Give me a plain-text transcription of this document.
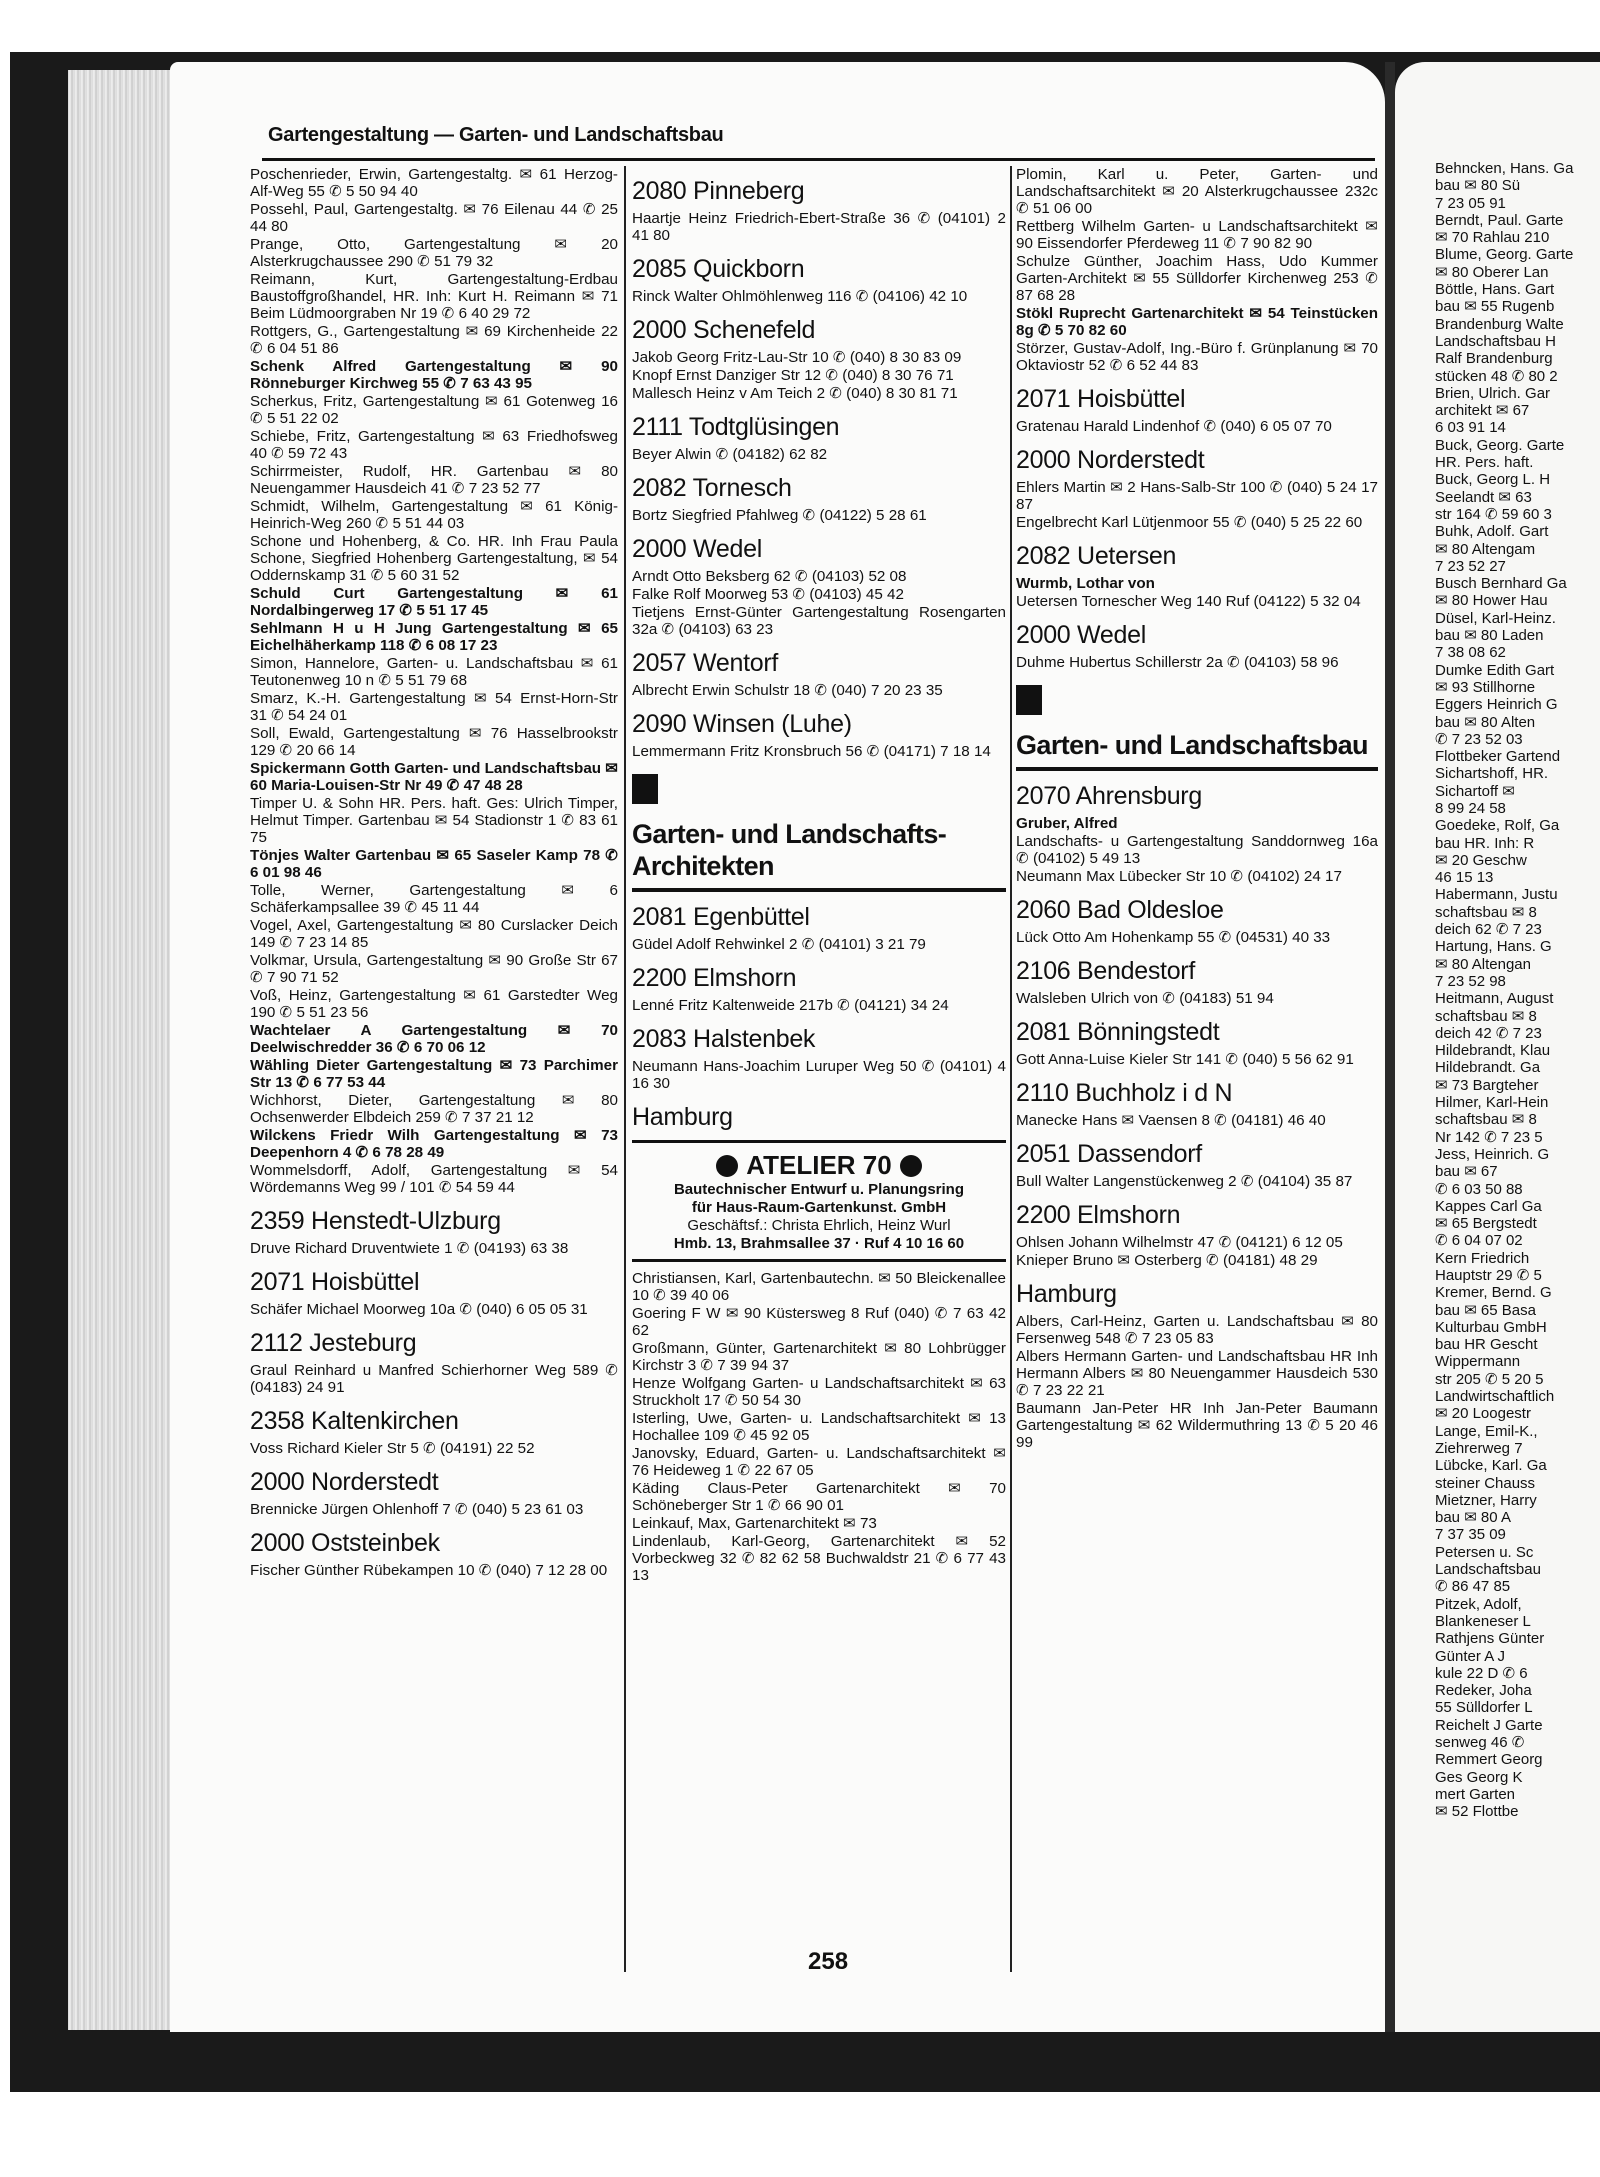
Behncken, Hans. Ga
bau ✉ 80 Sü
7 23 05 91
Berndt, Paul. Garte
✉ 70 Rahlau 210
Blume, Georg. Garte
✉ 80 Oberer Lan
Böttle, Hans. Gart
bau ✉ 55 Rugenb
Brandenburg Walte
Landschaftsbau H
Ralf Brandenburg
stücken 48 ✆ 80 2
Brien, Ulrich. Gar
architekt ✉ 67
6 03 91 14
Buck, Georg. Garte
HR. Pers. haft.
Buck, Georg L. H
Seelandt ✉ 63
str 164 ✆ 59 60 3
Buhk, Adolf. Gart
✉ 80 Altengam
7 23 52 27
Busch Bernhard Ga
✉ 80 Hower Hau
Düsel, Karl-Heinz.
bau ✉ 80 Laden
7 38 08 62
Dumke Edith Gart
✉ 93 Stillhorne
Eggers Heinrich G
bau ✉ 80 Alten
✆ 7 23 52 03
Flottbeker Gartend
Sichartshoff, HR.
Sichartoff ✉
8 99 24 58
Goedeke, Rolf, Ga
bau HR. Inh: R
✉ 20 Geschw
46 15 13
Habermann, Justu
schaftsbau ✉ 8
deich 62 ✆ 7 23
Hartung, Hans. G
✉ 80 Altengan
7 23 52 98
Heitmann, August
schaftsbau ✉ 8
deich 42 ✆ 7 23
Hildebrandt, Klau
Hildebrandt. Ga
✉ 73 Bargteher
Hilmer, Karl-Hein
schaftsbau ✉ 8
Nr 142 ✆ 7 23 5
Jess, Heinrich. G
bau ✉ 67
✆ 6 03 50 88
Kappes Carl Ga
✉ 65 Bergstedt
✆ 6 04 07 02
Kern Friedrich
Hauptstr 29 ✆ 5
Kremer, Bernd. G
bau ✉ 65 Basa
Kulturbau GmbH
bau HR Gescht
Wippermann
str 205 ✆ 5 20 5
Landwirtschaftlich
✉ 20 Loogestr
Lange, Emil-K.,
Ziehrerweg 7
Lübcke, Karl. Ga
steiner Chauss
Mietzner, Harry
bau ✉ 80 A
7 37 35 09
Petersen u. Sc
Landschaftsbau
✆ 86 47 85
Pitzek, Adolf,
Blankeneser L
Rathjens Günter
Günter A J
kule 22 D ✆ 6
Redeker, Joha
55 Sülldorfer L
Reichelt J Garte
senweg 46 ✆
Remmert Georg
Ges Georg K
mert Garten
✉ 52 Flottbe
Gartengestaltung — Garten- und Landschaftsbau
Poschenrieder, Erwin, Gartengestaltg. ✉ 61 Herzog-Alf-Weg 55 ✆ 5 50 94 40
Possehl, Paul, Gartengestaltg. ✉ 76 Eilenau 44 ✆ 25 44 80
Prange, Otto, Gartengestaltung ✉ 20 Alsterkrugchaussee 290 ✆ 51 79 32
Reimann, Kurt, Gartengestaltung-Erdbau Baustoffgroßhandel, HR. Inh: Kurt H. Reimann ✉ 71 Beim Lüdmoorgraben Nr 19 ✆ 6 40 29 72
Rottgers, G., Gartengestaltung ✉ 69 Kirchenheide 22 ✆ 6 04 51 86
Schenk Alfred Gartengestaltung ✉ 90 Rönneburger Kirchweg 55 ✆ 7 63 43 95
Scherkus, Fritz, Gartengestaltung ✉ 61 Gotenweg 16 ✆ 5 51 22 02
Schiebe, Fritz, Gartengestaltung ✉ 63 Friedhofsweg 40 ✆ 59 72 43
Schirrmeister, Rudolf, HR. Gartenbau ✉ 80 Neuengammer Hausdeich 41 ✆ 7 23 52 77
Schmidt, Wilhelm, Gartengestaltung ✉ 61 König-Heinrich-Weg 260 ✆ 5 51 44 03
Schone und Hohenberg, & Co. HR. Inh Frau Paula Schone, Siegfried Hohenberg Gartengestaltung, ✉ 54 Oddernskamp 31 ✆ 5 60 31 52
Schuld Curt Gartengestaltung ✉ 61 Nordalbingerweg 17 ✆ 5 51 17 45
Sehlmann H u H Jung Gartengestaltung ✉ 65 Eichelhäherkamp 118 ✆ 6 08 17 23
Simon, Hannelore, Garten- u. Landschaftsbau ✉ 61 Teutonenweg 10 n ✆ 5 51 79 68
Smarz, K.-H. Gartengestaltung ✉ 54 Ernst-Horn-Str 31 ✆ 54 24 01
Soll, Ewald, Gartengestaltung ✉ 76 Hasselbrookstr 129 ✆ 20 66 14
Spickermann Gotth Garten- und Landschaftsbau ✉ 60 Maria-Louisen-Str Nr 49 ✆ 47 48 28
Timper U. & Sohn HR. Pers. haft. Ges: Ulrich Timper, Helmut Timper. Gartenbau ✉ 54 Stadionstr 1 ✆ 83 61 75
Tönjes Walter Gartenbau ✉ 65 Saseler Kamp 78 ✆ 6 01 98 46
Tolle, Werner, Gartengestaltung ✉ 6 Schäferkampsallee 39 ✆ 45 11 44
Vogel, Axel, Gartengestaltung ✉ 80 Curslacker Deich 149 ✆ 7 23 14 85
Volkmar, Ursula, Gartengestaltung ✉ 90 Große Str 67 ✆ 7 90 71 52
Voß, Heinz, Gartengestaltung ✉ 61 Garstedter Weg 190 ✆ 5 51 23 56
Wachtelaer A Gartengestaltung ✉ 70 Deelwischredder 36 ✆ 6 70 06 12
Wähling Dieter Gartengestaltung ✉ 73 Parchimer Str 13 ✆ 6 77 53 44
Wichhorst, Dieter, Gartengestaltung ✉ 80 Ochsenwerder Elbdeich 259 ✆ 7 37 21 12
Wilckens Friedr Wilh Gartengestaltung ✉ 73 Deepenhorn 4 ✆ 6 78 28 49
Wommelsdorff, Adolf, Gartengestaltung ✉ 54 Wördemanns Weg 99 / 101 ✆ 54 59 44
2359 Henstedt-Ulzburg
Druve Richard Druventwiete 1 ✆ (04193) 63 38
2071 Hoisbüttel
Schäfer Michael Moorweg 10a ✆ (040) 6 05 05 31
2112 Jesteburg
Graul Reinhard u Manfred Schierhorner Weg 589 ✆ (04183) 24 91
2358 Kaltenkirchen
Voss Richard Kieler Str 5 ✆ (04191) 22 52
2000 Norderstedt
Brennicke Jürgen Ohlenhoff 7 ✆ (040) 5 23 61 03
2000 Oststeinbek
Fischer Günther Rübekampen 10 ✆ (040) 7 12 28 00
2080 Pinneberg
Haartje Heinz Friedrich-Ebert-Straße 36 ✆ (04101) 2 41 80
2085 Quickborn
Rinck Walter Ohlmöhlenweg 116 ✆ (04106) 42 10
2000 Schenefeld
Jakob Georg Fritz-Lau-Str 10 ✆ (040) 8 30 83 09
Knopf Ernst Danziger Str 12 ✆ (040) 8 30 76 71
Mallesch Heinz v Am Teich 2 ✆ (040) 8 30 81 71
2111 Todtglüsingen
Beyer Alwin ✆ (04182) 62 82
2082 Tornesch
Bortz Siegfried Pfahlweg ✆ (04122) 5 28 61
2000 Wedel
Arndt Otto Beksberg 62 ✆ (04103) 52 08
Falke Rolf Moorweg 53 ✆ (04103) 45 42
Tietjens Ernst-Günter Gartengestaltung Rosengarten 32a ✆ (04103) 63 23
2057 Wentorf
Albrecht Erwin Schulstr 18 ✆ (040) 7 20 23 35
2090 Winsen (Luhe)
Lemmermann Fritz Kronsbruch 56 ✆ (04171) 7 18 14
Garten- und Landschafts-Architekten
2081 Egenbüttel
Güdel Adolf Rehwinkel 2 ✆ (04101) 3 21 79
2200 Elmshorn
Lenné Fritz Kaltenweide 217b ✆ (04121) 34 24
2083 Halstenbek
Neumann Hans-Joachim Luruper Weg 50 ✆ (04101) 4 16 30
Hamburg
ATELIER 70
Bautechnischer Entwurf u. Planungsring
für Haus-Raum-Gartenkunst. GmbH
Geschäftsf.: Christa Ehrlich, Heinz Wurl
Hmb. 13, Brahmsallee 37 · Ruf 4 10 16 60
Christiansen, Karl, Gartenbautechn. ✉ 50 Bleickenallee 10 ✆ 39 40 06
Goering F W ✉ 90 Küstersweg 8 Ruf (040) ✆ 7 63 42 62
Großmann, Günter, Gartenarchitekt ✉ 80 Lohbrügger Kirchstr 3 ✆ 7 39 94 37
Henze Wolfgang Garten- u Landschaftsarchitekt ✉ 63 Struckholt 17 ✆ 50 54 30
Isterling, Uwe, Garten- u. Landschaftsarchitekt ✉ 13 Hochallee 109 ✆ 45 92 05
Janovsky, Eduard, Garten- u. Landschaftsarchitekt ✉ 76 Heideweg 1 ✆ 22 67 05
Käding Claus-Peter Gartenarchitekt ✉ 70 Schöneberger Str 1 ✆ 66 90 01
Leinkauf, Max, Gartenarchitekt ✉ 73
Lindenlaub, Karl-Georg, Gartenarchitekt ✉ 52 Vorbeckweg 32 ✆ 82 62 58 Buchwaldstr 21 ✆ 6 77 43 13
Plomin, Karl u. Peter, Garten- und Landschaftsarchitekt ✉ 20 Alsterkrugchaussee 232c ✆ 51 06 00
Rettberg Wilhelm Garten- u Landschaftsarchitekt ✉ 90 Eissendorfer Pferdeweg 11 ✆ 7 90 82 90
Schulze Günther, Joachim Hass, Udo Kummer Garten-Architekt ✉ 55 Sülldorfer Kirchenweg 253 ✆ 87 68 28
Stökl Ruprecht Gartenarchitekt ✉ 54 Teinstücken 8g ✆ 5 70 82 60
Störzer, Gustav-Adolf, Ing.-Büro f. Grünplanung ✉ 70 Oktaviostr 52 ✆ 6 52 44 83
2071 Hoisbüttel
Gratenau Harald Lindenhof ✆ (040) 6 05 07 70
2000 Norderstedt
Ehlers Martin ✉ 2 Hans-Salb-Str 100 ✆ (040) 5 24 17 87
Engelbrecht Karl Lütjenmoor 55 ✆ (040) 5 25 22 60
2082 Uetersen
Wurmb, Lothar von
Uetersen Tornescher Weg 140 Ruf (04122) 5 32 04
2000 Wedel
Duhme Hubertus Schillerstr 2a ✆ (04103) 58 96
Garten- und Landschaftsbau
2070 Ahrensburg
Gruber, Alfred
Landschafts- u Gartengestaltung Sanddornweg 16a ✆ (04102) 5 49 13
Neumann Max Lübecker Str 10 ✆ (04102) 24 17
2060 Bad Oldesloe
Lück Otto Am Hohenkamp 55 ✆ (04531) 40 33
2106 Bendestorf
Walsleben Ulrich von ✆ (04183) 51 94
2081 Bönningstedt
Gott Anna-Luise Kieler Str 141 ✆ (040) 5 56 62 91
2110 Buchholz i d N
Manecke Hans ✉ Vaensen 8 ✆ (04181) 46 40
2051 Dassendorf
Bull Walter Langenstückenweg 2 ✆ (04104) 35 87
2200 Elmshorn
Ohlsen Johann Wilhelmstr 47 ✆ (04121) 6 12 05
Knieper Bruno ✉ Osterberg ✆ (04181) 48 29
Hamburg
Albers, Carl-Heinz, Garten u. Landschaftsbau ✉ 80 Fersenweg 548 ✆ 7 23 05 83
Albers Hermann Garten- und Landschaftsbau HR Inh Hermann Albers ✉ 80 Neuengammer Hausdeich 530 ✆ 7 23 22 21
Baumann Jan-Peter HR Inh Jan-Peter Baumann Gartengestaltung ✉ 62 Wildermuthring 13 ✆ 5 20 46 99
258
